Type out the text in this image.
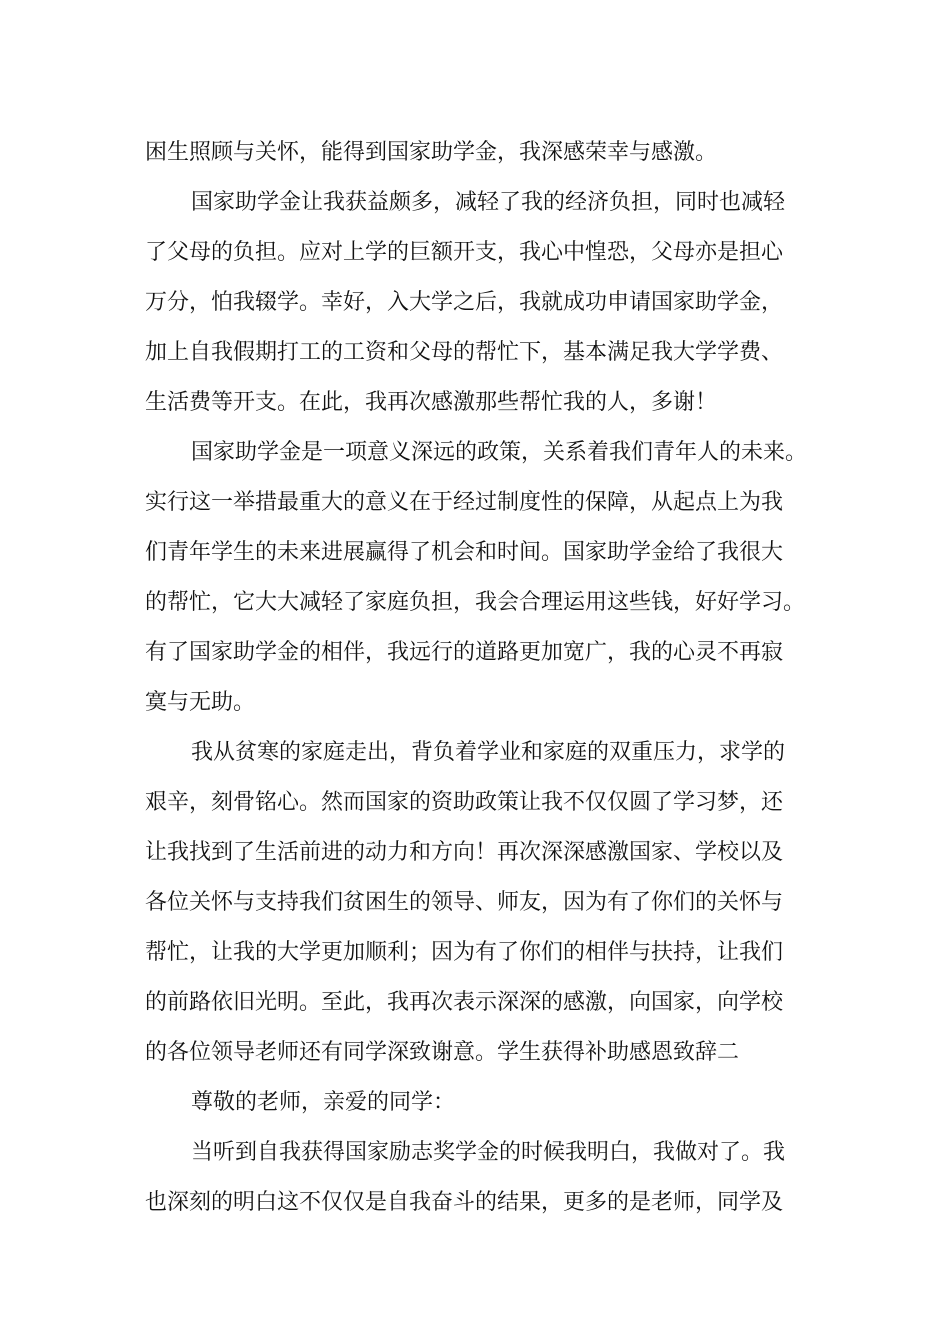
困生照顾与关怀，能得到国家助学金，我深感荣幸与感激。
国家助学金让我获益颇多，减轻了我的经济负担，同时也减轻
了父母的负担。应对上学的巨额开支，我心中惶恐，父母亦是担心
万分，怕我辍学。幸好，入大学之后，我就成功申请国家助学金，
加上自我假期打工的工资和父母的帮忙下，基本满足我大学学费、
生活费等开支。在此，我再次感激那些帮忙我的人，多谢！
国家助学金是一项意义深远的政策，关系着我们青年人的未来。
实行这一举措最重大的意义在于经过制度性的保障，从起点上为我
们青年学生的未来进展赢得了机会和时间。国家助学金给了我很大
的帮忙，它大大减轻了家庭负担，我会合理运用这些钱，好好学习。
有了国家助学金的相伴，我远行的道路更加宽广，我的心灵不再寂
寞与无助。
我从贫寒的家庭走出，背负着学业和家庭的双重压力，求学的
艰辛，刻骨铭心。然而国家的资助政策让我不仅仅圆了学习梦，还
让我找到了生活前进的动力和方向！再次深深感激国家、学校以及
各位关怀与支持我们贫困生的领导、师友，因为有了你们的关怀与
帮忙，让我的大学更加顺利；因为有了你们的相伴与扶持，让我们
的前路依旧光明。至此，我再次表示深深的感激，向国家，向学校
的各位领导老师还有同学深致谢意。学生获得补助感恩致辞二
尊敬的老师，亲爱的同学：
当听到自我获得国家励志奖学金的时候我明白，我做对了。我
也深刻的明白这不仅仅是自我奋斗的结果，更多的是老师，同学及
